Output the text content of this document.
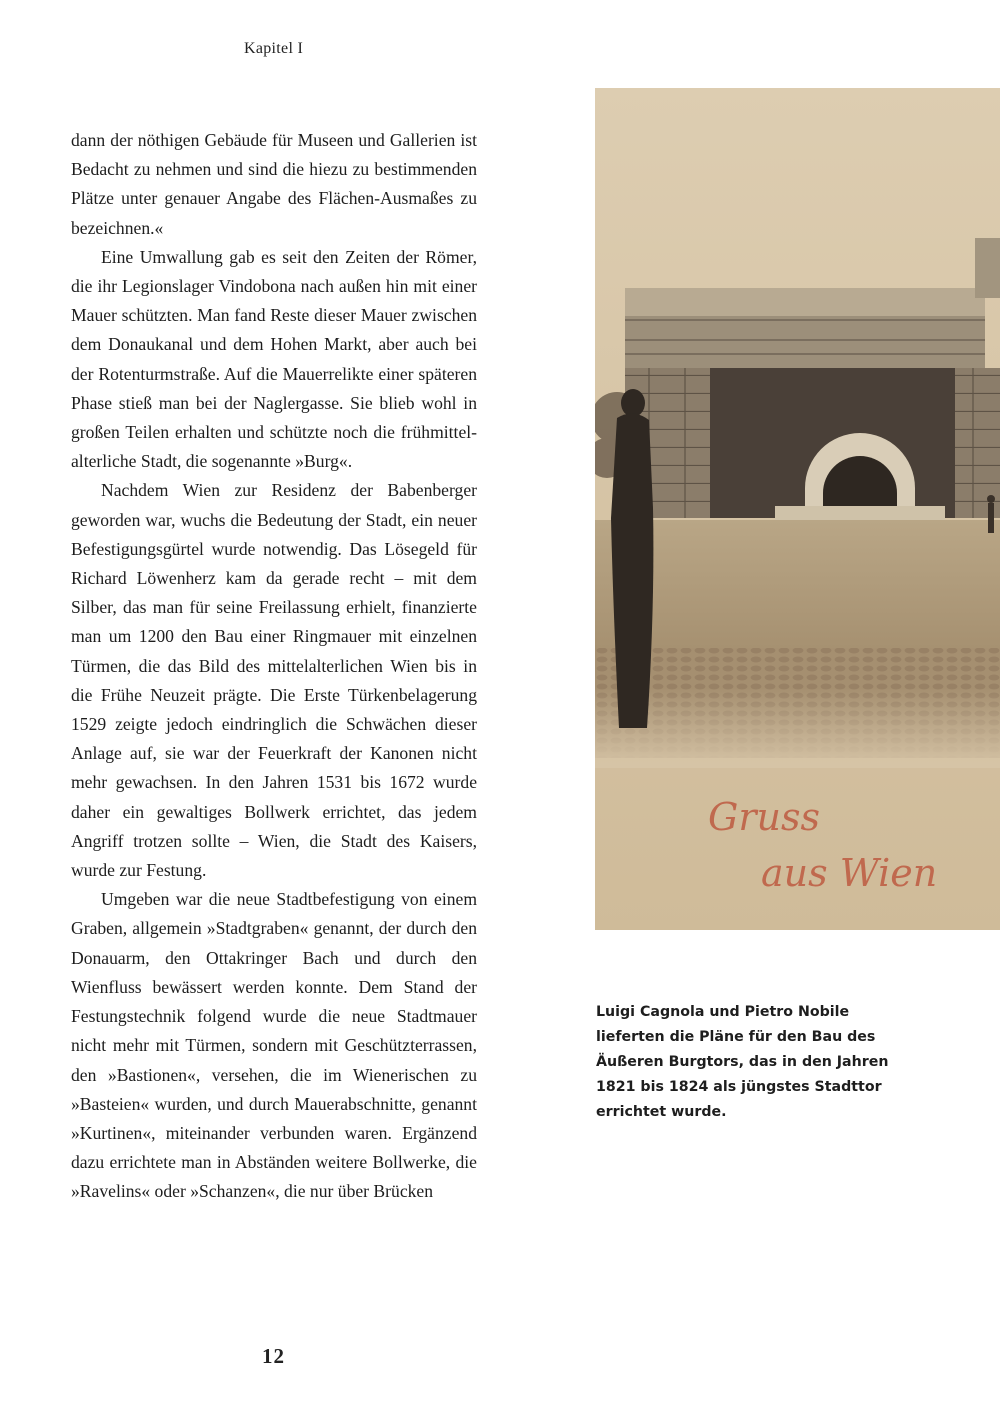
Kapitel I

dann der nöthigen Gebäude für Museen und Gallerien ist Bedacht zu nehmen und sind die hiezu zu bestimmenden Plätze unter genauer Angabe des Flächen-Ausmaßes zu bezeichnen.«

Eine Umwallung gab es seit den Zeiten der Römer, die ihr Legionslager Vindobona nach außen hin mit einer Mauer schützten. Man fand Reste dieser Mauer zwischen dem Donaukanal und dem Hohen Markt, aber auch bei der Rotenturmstraße. Auf die Mauerrelikte einer späteren Phase stieß man bei der Naglergasse. Sie blieb wohl in großen Teilen erhalten und schützte noch die frühmittelalterliche Stadt, die sogenannte »Burg«.

Nachdem Wien zur Residenz der Babenberger geworden war, wuchs die Bedeutung der Stadt, ein neuer Befestigungsgürtel wurde notwendig. Das Lösegeld für Richard Löwenherz kam da gerade recht – mit dem Silber, das man für seine Freilassung erhielt, finanzierte man um 1200 den Bau einer Ringmauer mit einzelnen Türmen, die das Bild des mittelalterlichen Wien bis in die Frühe Neuzeit prägte. Die Erste Türkenbelagerung 1529 zeigte jedoch eindringlich die Schwächen dieser Anlage auf, sie war der Feuerkraft der Kanonen nicht mehr gewachsen. In den Jahren 1531 bis 1672 wurde daher ein gewaltiges Bollwerk errichtet, das jedem Angriff trotzen sollte – Wien, die Stadt des Kaisers, wurde zur Festung.

Umgeben war die neue Stadtbefestigung von einem Graben, allgemein »Stadtgraben« genannt, der durch den Donauarm, den Ottakringer Bach und durch den Wienfluss bewässert werden konnte. Dem Stand der Festungstechnik folgend wurde die neue Stadtmauer nicht mehr mit Türmen, sondern mit Geschützterrassen, den »Bastionen«, versehen, die im Wienerischen zu »Basteien« wurden, und durch Mauerabschnitte, genannt »Kurtinen«, miteinander verbunden waren. Ergänzend dazu errichtete man in Abständen weitere Bollwerke, die »Ravelins« oder »Schanzen«, die nur über Brücken

Gruss
aus Wien
Luigi Cagnola und Pietro Nobile lieferten die Pläne für den Bau des Äußeren Burgtors, das in den Jahren 1821 bis 1824 als jüngstes Stadttor errichtet wurde.
12
